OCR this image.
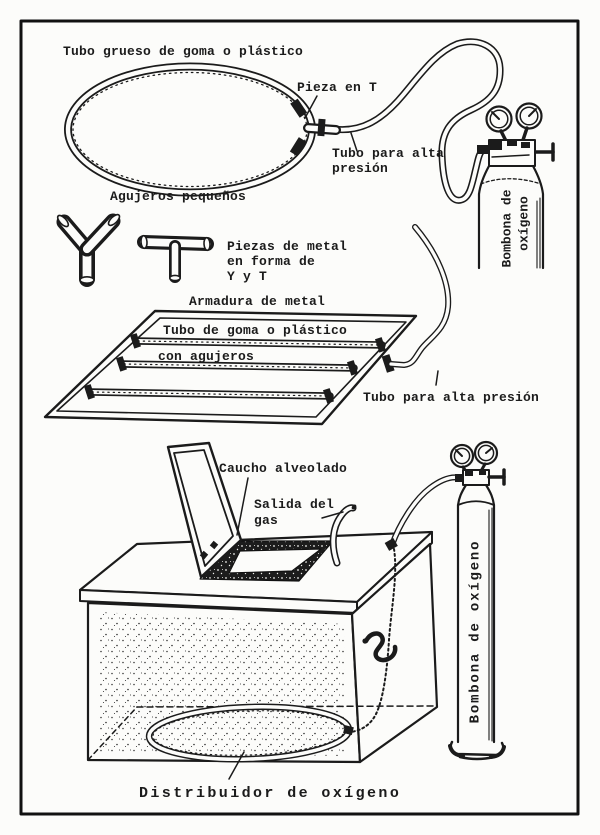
Tubo grueso de goma o plástico
Pieza en T
Tubo para alta
presión
Agujeros pequeños
Piezas de metal
en forma de
Y y T
Armadura de metal
Tubo de goma o plástico
con agujeros
Tubo para alta presión
Caucho alveolado
Salida del
gas
Distribuidor de oxígeno
Bombona de oxígeno
Bombona de oxígeno
